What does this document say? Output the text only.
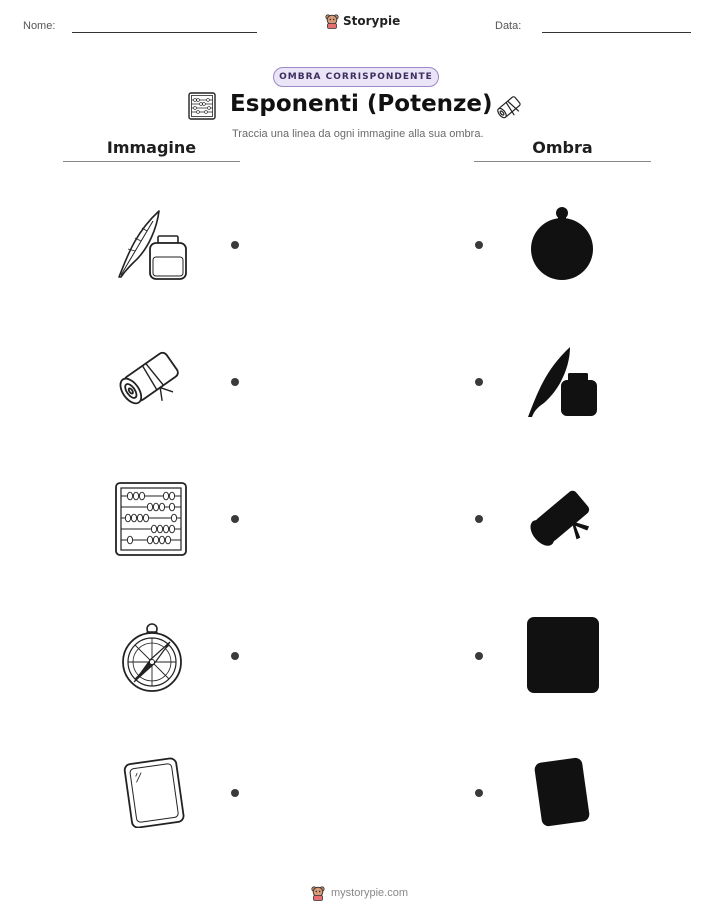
Nome:	Storypie	Data:
OMBRA CORRISPONDENTE
Esponenti (Potenze)
Traccia una linea da ogni immagine alla sua ombra.
Immagine	Ombra
mystorypie.com
